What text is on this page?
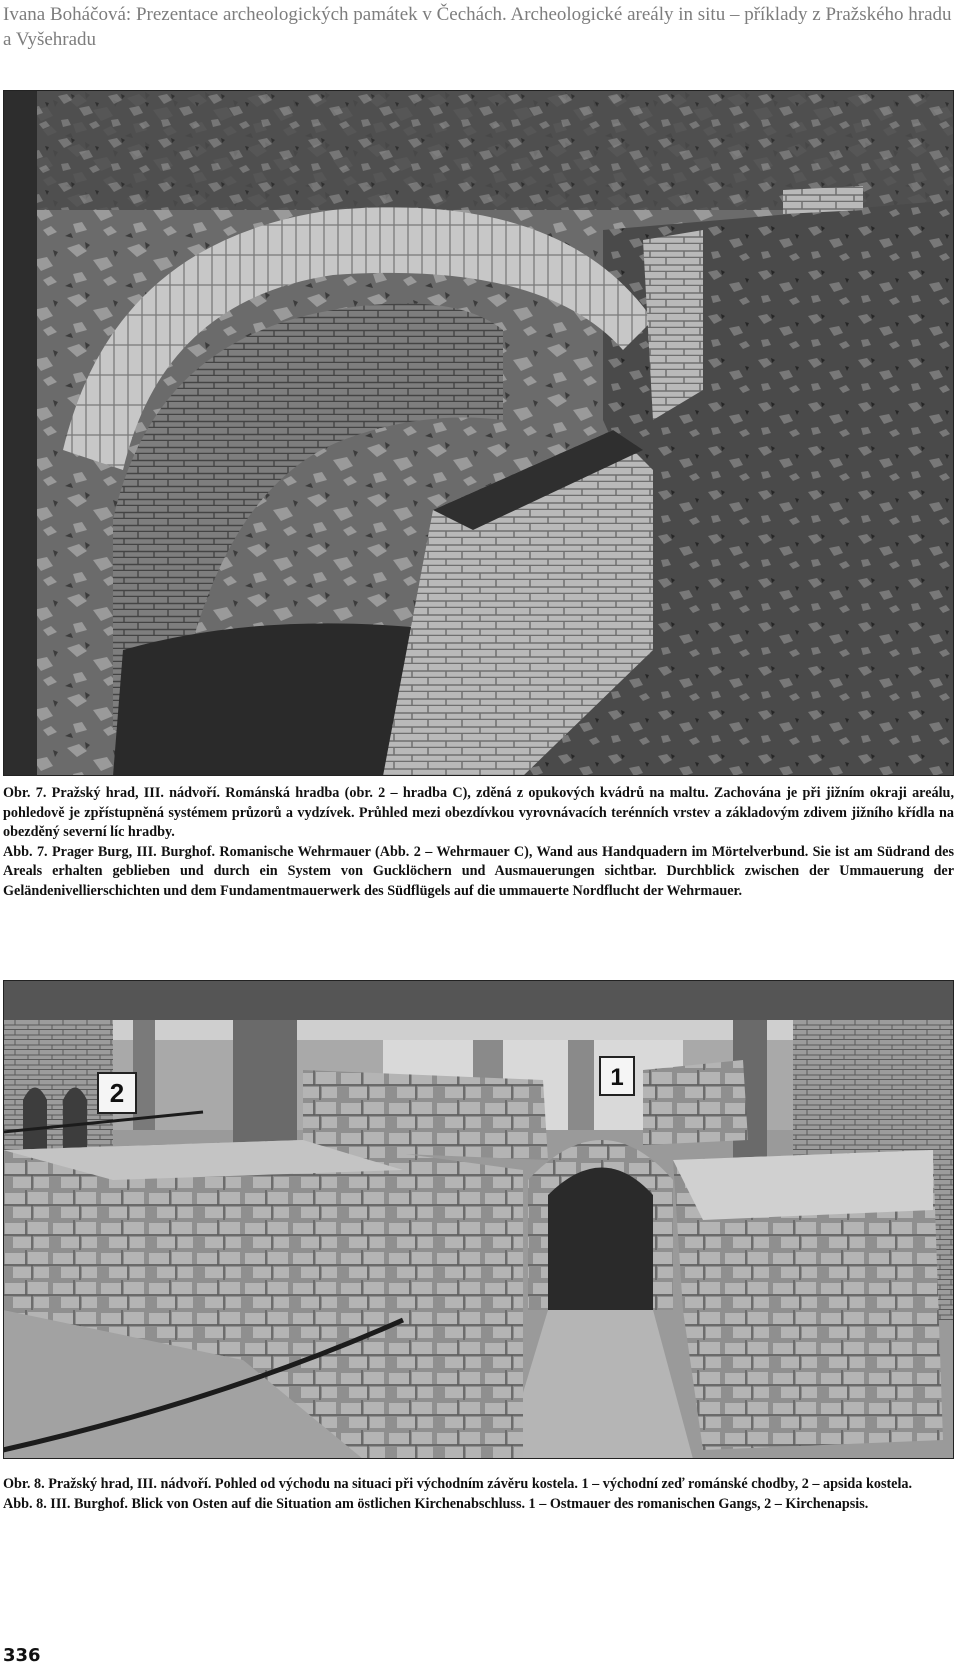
Ivana Boháčová: Prezentace archeologických památek v Čechách. Archeologické areály in situ – příklady z Pražského hradu a Vyšehradu

Obr. 7. Pražský hrad, III. nádvoří. Románská hradba (obr. 2 – hradba C), zděná z opukových kvádrů na maltu. Zachována je při jižním okraji areálu, pohledově je zpřístupněná systémem průzorů a vydzívek. Průhled mezi obezdívkou vyrovnávacích terénních vrstev a základovým zdivem jižního křídla na obezděný severní líc hradby.

Abb. 7. Prager Burg, III. Burghof. Romanische Wehrmauer (Abb. 2 – Wehrmauer C), Wand aus Handquadern im Mörtelverbund. Sie ist am Südrand des Areals erhalten geblieben und durch ein System von Gucklöchern und Ausmauerungen sichtbar. Durchblick zwischen der Ummauerung der Geländenivellierschichten und dem Fundamentmauerwerk des Südflügels auf die ummauerte Nordflucht der Wehrmauer.

2
1

Obr. 8. Pražský hrad, III. nádvoří. Pohled od východu na situaci při východním závěru kostela. 1 – východní zeď románské chodby, 2 – apsida kostela.

Abb. 8. III. Burghof. Blick von Osten auf die Situation am östlichen Kirchenabschluss. 1 – Ostmauer des romanischen Gangs, 2 – Kirchenapsis.

336
